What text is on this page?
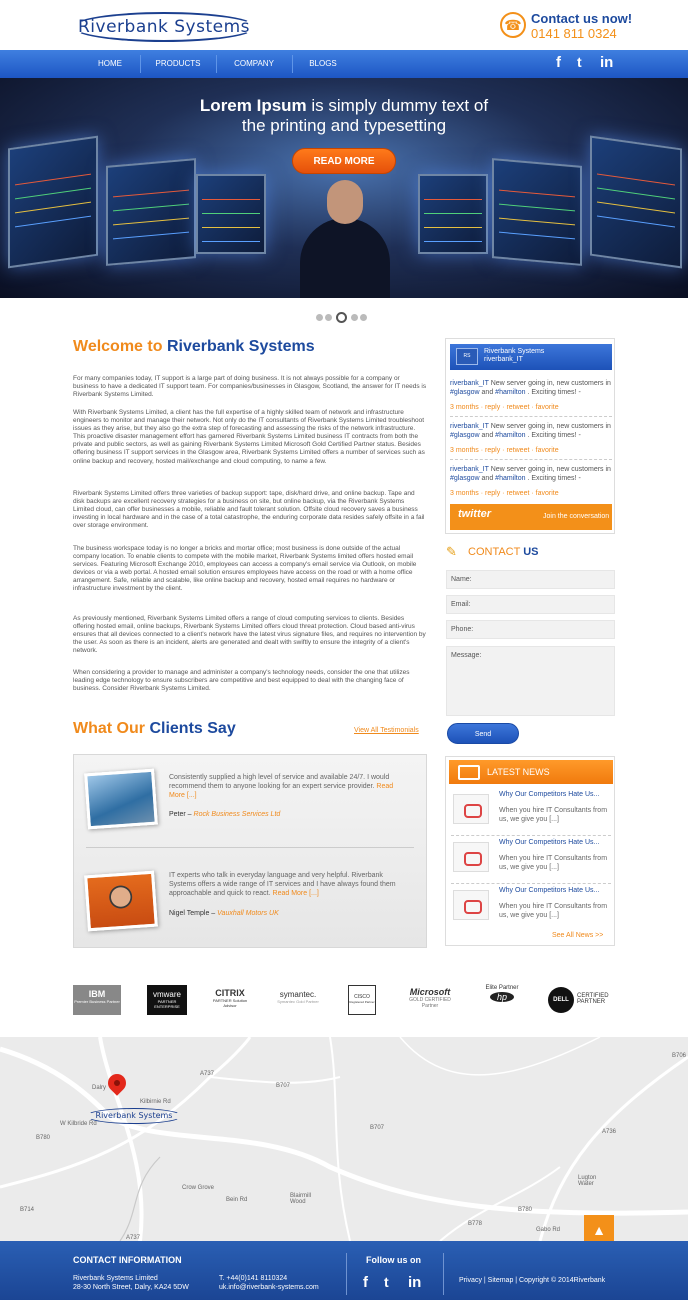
Riverbank Systems	☎ Contact us now!
0141 811 0324
HOME	PRODUCTS	COMPANY	BLOGS	f t in
Lorem Ipsum is simply dummy text of
the printing and typesetting
READ MORE
Welcome to Riverbank Systems
For many companies today, IT support is a large part of doing business. It is not always possible for a company or business to have a dedicated IT support team. For companies/businesses in Glasgow, Scotland, the answer for IT needs is Riverbank Systems Limited.
With Riverbank Systems Limited, a client has the full expertise of a highly skilled team of network and infrastructure engineers to monitor and manage their network. Not only do the IT consultants of Riverbank Systems Limited troubleshoot issues as they arise, but they also go the extra step of forecasting and assessing the risks of the network infrastructure. This proactive disaster management effort has garnered Riverbank Systems Limited business IT contracts from both the private and public sectors, as well as gaining Riverbank Systems Limited Microsoft Gold Certified Partner status. Besides offering business IT support services in the Glasgow area, Riverbank Systems Limited offers a number of services such as online backup and recovery, hosted mail/exchange and cloud computing, to name a few.
Riverbank Systems Limited offers three varieties of backup support: tape, disk/hard drive, and online backup. Tape and disk backups are excellent recovery strategies for a business on site, but online backup, via the Riverbank Systems Limited cloud, can offer businesses a mobile, reliable and fault tolerant solution. Offsite cloud recovery saves a business investing in local hardware and in the case of a total catastrophe, the enduring corporate data resides safely offsite in a fail over storage environment.
The business workspace today is no longer a bricks and mortar office; most business is done outside of the actual company location. To enable clients to compete with the mobile market, Riverbank Systems limited offers hosted email services. Featuring Microsoft Exchange 2010, employees can access a company's email service via Outlook, on mobile devices or via a web portal. A hosted email solution ensures employees have access on the road or with a home office arrangement. Safe, reliable and scalable, like online backup and recovery, hosted email requires no hardware or infrastructure investment by the client.
As previously mentioned, Riverbank Systems Limited offers a range of cloud computing services to clients. Besides offering hosted email, online backups, Riverbank Systems Limited offers cloud threat protection. Cloud based anti-virus ensures that all devices connected to a client's network have the latest virus signature files, and requires no intervention by the user. As soon as there is an incident, alerts are generated and dealt with swiftly to ensure the integrity of a client's network.
When considering a provider to manage and administer a company's technology needs, consider the one that utilizes leading edge technology to ensure subscribers are competitive and best equipped to deal with the changing face of business. Consider Riverbank Systems Limited.
What Our Clients Say	View All Testimonials
Consistently supplied a high level of service and available 24/7. I would recommend them to anyone looking for an expert service provider. Read More [...]
Peter – Rock Business Services Ltd
IT experts who talk in everyday language and very helpful. Riverbank Systems offers a wide range of IT services and I have always found them approachable and quick to react. Read More [...]
Nigel Temple – Vauxhall Motors UK
RS
Riverbank Systems
riverbank_IT
riverbank_IT New server going in, new customers in #glasgow and #hamilton . Exciting times! -
3 months · reply · retweet · favorite
riverbank_IT New server going in, new customers in #glasgow and #hamilton . Exciting times! -
3 months · reply · retweet · favorite
riverbank_IT New server going in, new customers in #glasgow and #hamilton . Exciting times! -
3 months · reply · retweet · favorite
twitter	Join the conversation
✎	CONTACT US
Name:
Email:
Phone:
Message:
Send
LATEST NEWS
Why Our Competitors Hate Us...
When you hire IT Consultants from us, we give you [...]
Why Our Competitors Hate Us...
When you hire IT Consultants from us, we give you [...]
Why Our Competitors Hate Us...
When you hire IT Consultants from us, we give you [...]
See All News >>
IBM
Premier Business Partner
vmware
PARTNER ENTERPRISE
CITRIX
PARTNER Solution Advisor
symantec.
Symantec Gold Partner
CISCO
Registered Partner
Microsoft
GOLD CERTIFIED Partner
Elite Partner
hp	DELL
CERTIFIED PARTNER
Dalry
B780
B714
B707
B707
A737
A737
B780
A736
B706
B778
Crow Grove
Blairmill Wood
Lugton Water
Bein Rd
Gabo Rd
W Kilbride Rd
Kilbirnie Rd
Riverbank Systems
▲
CONTACT INFORMATION
Riverbank Systems Limited
28-30 North Street, Dalry, KA24 5DW
T. +44(0)141 8110324
uk.info@riverbank-systems.com
Follow us on
f t in	Privacy | Sitemap | Copyright © 2014Riverbank
